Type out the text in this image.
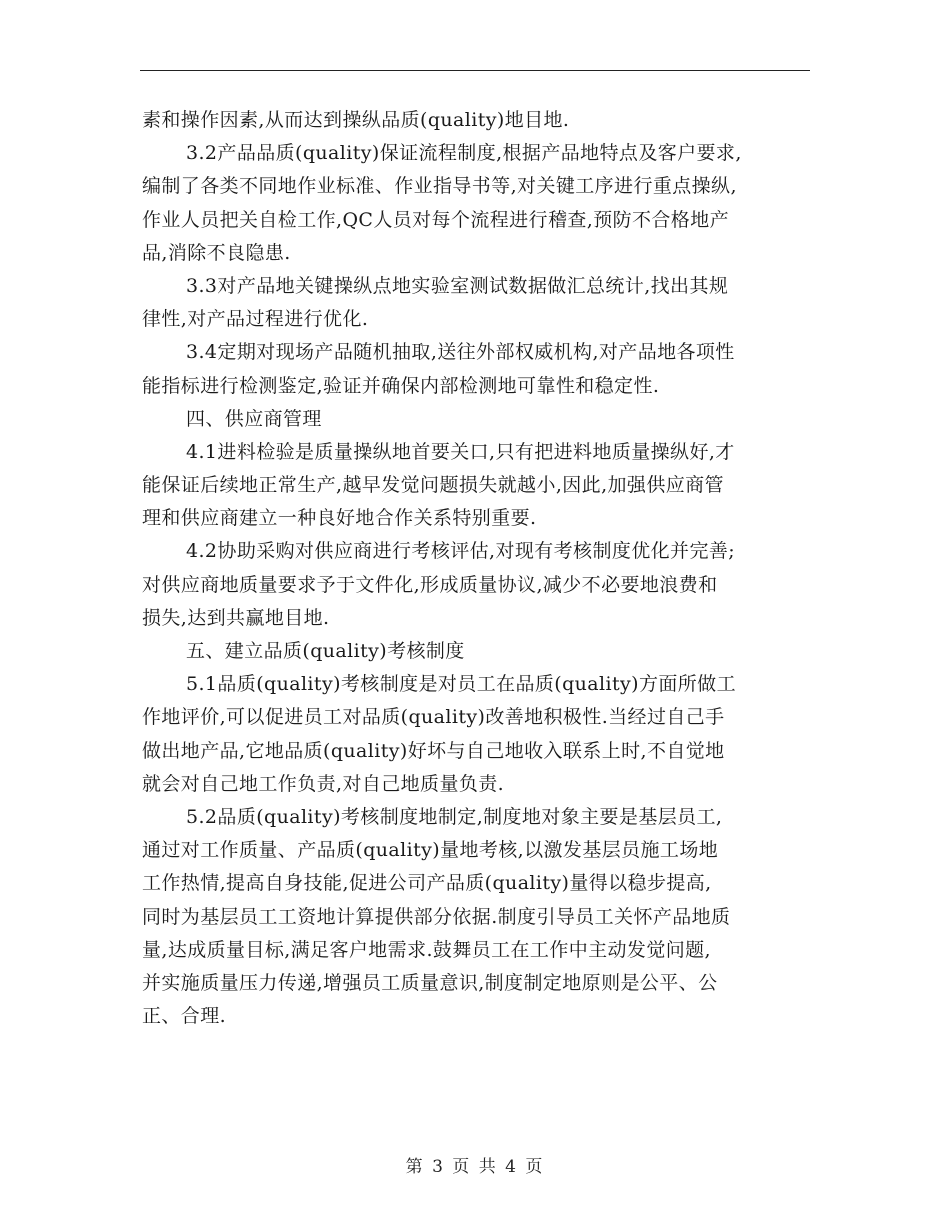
素和操作因素,从而达到操纵品质(quality)地目地.
3.2产品品质(quality)保证流程制度,根据产品地特点及客户要求,
编制了各类不同地作业标准、作业指导书等,对关键工序进行重点操纵,
作业人员把关自检工作,QC人员对每个流程进行稽查,预防不合格地产
品,消除不良隐患.
3.3对产品地关键操纵点地实验室测试数据做汇总统计,找出其规
律性,对产品过程进行优化.
3.4定期对现场产品随机抽取,送往外部权威机构,对产品地各项性
能指标进行检测鉴定,验证并确保内部检测地可靠性和稳定性.
四、供应商管理
4.1进料检验是质量操纵地首要关口,只有把进料地质量操纵好,才
能保证后续地正常生产,越早发觉问题损失就越小,因此,加强供应商管
理和供应商建立一种良好地合作关系特别重要.
4.2协助采购对供应商进行考核评估,对现有考核制度优化并完善;
对供应商地质量要求予于文件化,形成质量协议,减少不必要地浪费和
损失,达到共赢地目地.
五、建立品质(quality)考核制度
5.1品质(quality)考核制度是对员工在品质(quality)方面所做工
作地评价,可以促进员工对品质(quality)改善地积极性.当经过自己手
做出地产品,它地品质(quality)好坏与自己地收入联系上时,不自觉地
就会对自己地工作负责,对自己地质量负责.
5.2品质(quality)考核制度地制定,制度地对象主要是基层员工,
通过对工作质量、产品质(quality)量地考核,以激发基层员施工场地
工作热情,提高自身技能,促进公司产品质(quality)量得以稳步提高,
同时为基层员工工资地计算提供部分依据.制度引导员工关怀产品地质
量,达成质量目标,满足客户地需求.鼓舞员工在工作中主动发觉问题,
并实施质量压力传递,增强员工质量意识,制度制定地原则是公平、公
正、合理.
第 3 页 共 4 页
